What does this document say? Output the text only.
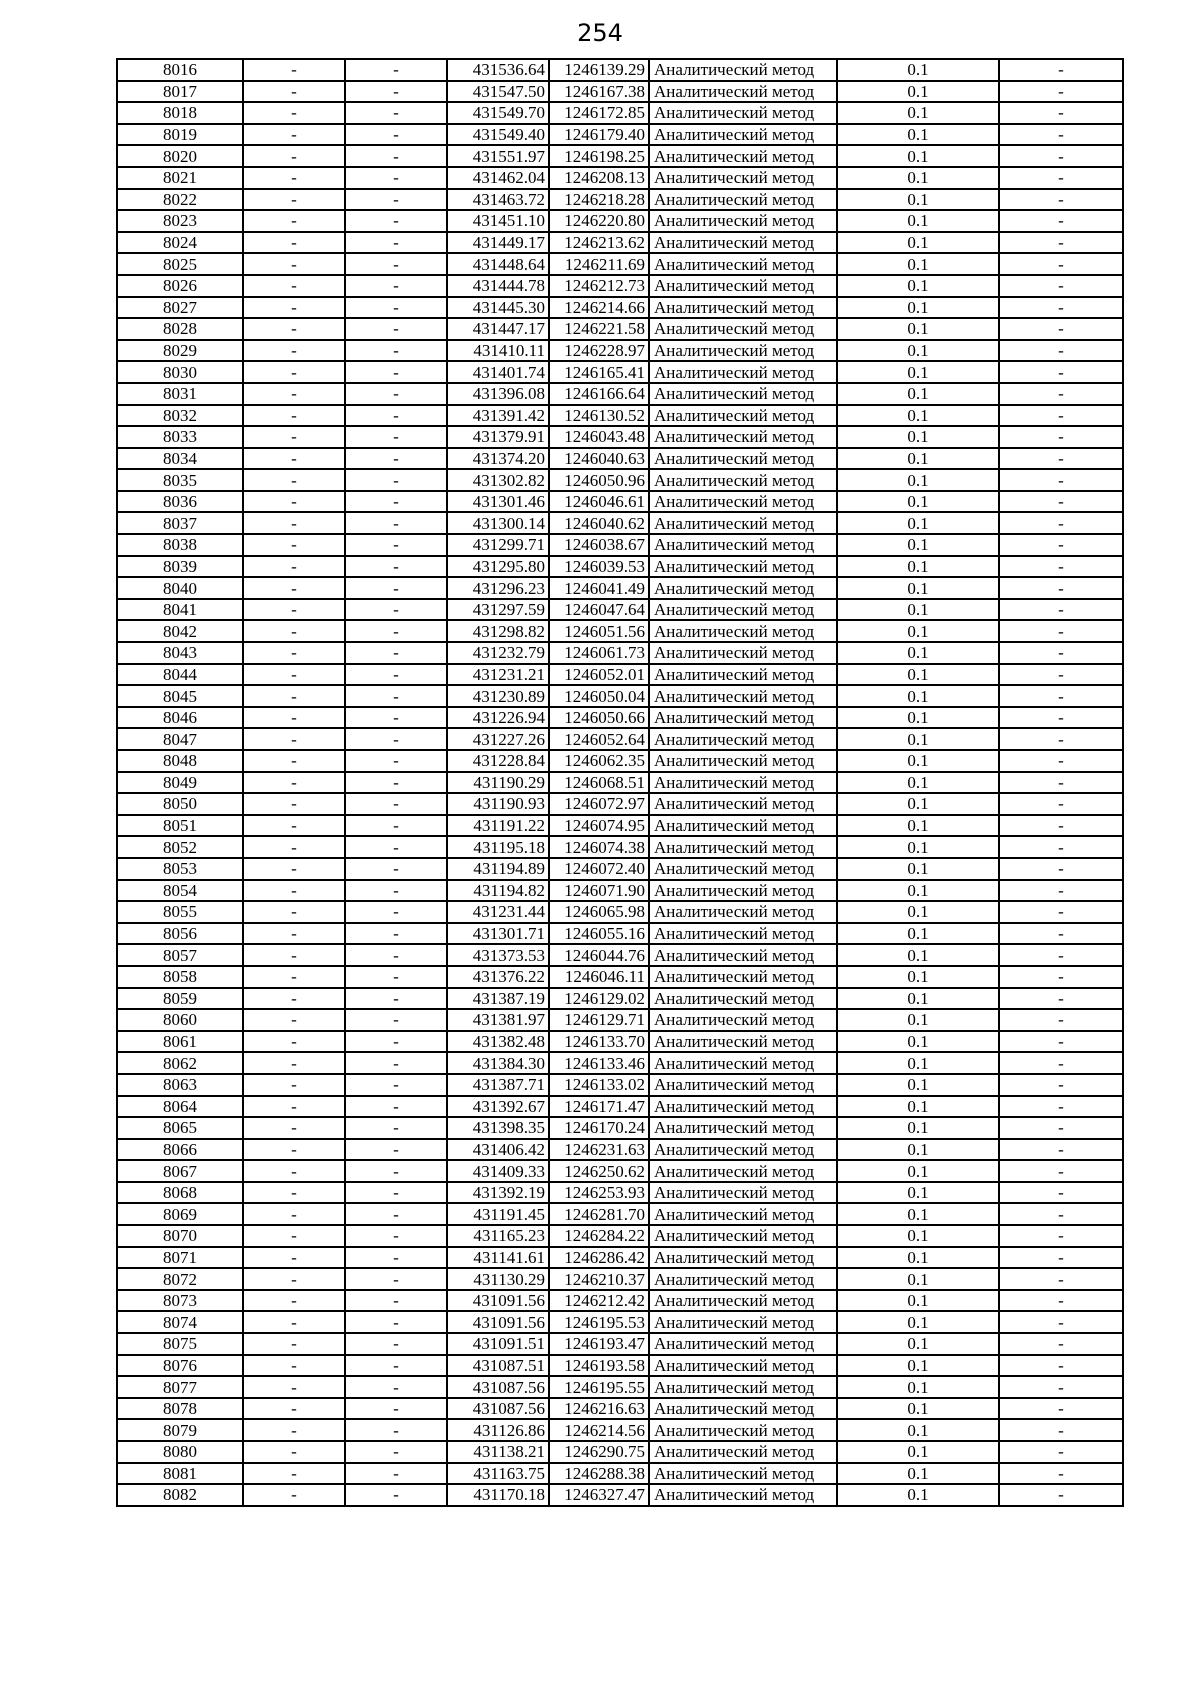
254
8016	-	-	431536.64	1246139.29	Аналитический метод	0.1	-
8017	-	-	431547.50	1246167.38	Аналитический метод	0.1	-
8018	-	-	431549.70	1246172.85	Аналитический метод	0.1	-
8019	-	-	431549.40	1246179.40	Аналитический метод	0.1	-
8020	-	-	431551.97	1246198.25	Аналитический метод	0.1	-
8021	-	-	431462.04	1246208.13	Аналитический метод	0.1	-
8022	-	-	431463.72	1246218.28	Аналитический метод	0.1	-
8023	-	-	431451.10	1246220.80	Аналитический метод	0.1	-
8024	-	-	431449.17	1246213.62	Аналитический метод	0.1	-
8025	-	-	431448.64	1246211.69	Аналитический метод	0.1	-
8026	-	-	431444.78	1246212.73	Аналитический метод	0.1	-
8027	-	-	431445.30	1246214.66	Аналитический метод	0.1	-
8028	-	-	431447.17	1246221.58	Аналитический метод	0.1	-
8029	-	-	431410.11	1246228.97	Аналитический метод	0.1	-
8030	-	-	431401.74	1246165.41	Аналитический метод	0.1	-
8031	-	-	431396.08	1246166.64	Аналитический метод	0.1	-
8032	-	-	431391.42	1246130.52	Аналитический метод	0.1	-
8033	-	-	431379.91	1246043.48	Аналитический метод	0.1	-
8034	-	-	431374.20	1246040.63	Аналитический метод	0.1	-
8035	-	-	431302.82	1246050.96	Аналитический метод	0.1	-
8036	-	-	431301.46	1246046.61	Аналитический метод	0.1	-
8037	-	-	431300.14	1246040.62	Аналитический метод	0.1	-
8038	-	-	431299.71	1246038.67	Аналитический метод	0.1	-
8039	-	-	431295.80	1246039.53	Аналитический метод	0.1	-
8040	-	-	431296.23	1246041.49	Аналитический метод	0.1	-
8041	-	-	431297.59	1246047.64	Аналитический метод	0.1	-
8042	-	-	431298.82	1246051.56	Аналитический метод	0.1	-
8043	-	-	431232.79	1246061.73	Аналитический метод	0.1	-
8044	-	-	431231.21	1246052.01	Аналитический метод	0.1	-
8045	-	-	431230.89	1246050.04	Аналитический метод	0.1	-
8046	-	-	431226.94	1246050.66	Аналитический метод	0.1	-
8047	-	-	431227.26	1246052.64	Аналитический метод	0.1	-
8048	-	-	431228.84	1246062.35	Аналитический метод	0.1	-
8049	-	-	431190.29	1246068.51	Аналитический метод	0.1	-
8050	-	-	431190.93	1246072.97	Аналитический метод	0.1	-
8051	-	-	431191.22	1246074.95	Аналитический метод	0.1	-
8052	-	-	431195.18	1246074.38	Аналитический метод	0.1	-
8053	-	-	431194.89	1246072.40	Аналитический метод	0.1	-
8054	-	-	431194.82	1246071.90	Аналитический метод	0.1	-
8055	-	-	431231.44	1246065.98	Аналитический метод	0.1	-
8056	-	-	431301.71	1246055.16	Аналитический метод	0.1	-
8057	-	-	431373.53	1246044.76	Аналитический метод	0.1	-
8058	-	-	431376.22	1246046.11	Аналитический метод	0.1	-
8059	-	-	431387.19	1246129.02	Аналитический метод	0.1	-
8060	-	-	431381.97	1246129.71	Аналитический метод	0.1	-
8061	-	-	431382.48	1246133.70	Аналитический метод	0.1	-
8062	-	-	431384.30	1246133.46	Аналитический метод	0.1	-
8063	-	-	431387.71	1246133.02	Аналитический метод	0.1	-
8064	-	-	431392.67	1246171.47	Аналитический метод	0.1	-
8065	-	-	431398.35	1246170.24	Аналитический метод	0.1	-
8066	-	-	431406.42	1246231.63	Аналитический метод	0.1	-
8067	-	-	431409.33	1246250.62	Аналитический метод	0.1	-
8068	-	-	431392.19	1246253.93	Аналитический метод	0.1	-
8069	-	-	431191.45	1246281.70	Аналитический метод	0.1	-
8070	-	-	431165.23	1246284.22	Аналитический метод	0.1	-
8071	-	-	431141.61	1246286.42	Аналитический метод	0.1	-
8072	-	-	431130.29	1246210.37	Аналитический метод	0.1	-
8073	-	-	431091.56	1246212.42	Аналитический метод	0.1	-
8074	-	-	431091.56	1246195.53	Аналитический метод	0.1	-
8075	-	-	431091.51	1246193.47	Аналитический метод	0.1	-
8076	-	-	431087.51	1246193.58	Аналитический метод	0.1	-
8077	-	-	431087.56	1246195.55	Аналитический метод	0.1	-
8078	-	-	431087.56	1246216.63	Аналитический метод	0.1	-
8079	-	-	431126.86	1246214.56	Аналитический метод	0.1	-
8080	-	-	431138.21	1246290.75	Аналитический метод	0.1	-
8081	-	-	431163.75	1246288.38	Аналитический метод	0.1	-
8082	-	-	431170.18	1246327.47	Аналитический метод	0.1	-
